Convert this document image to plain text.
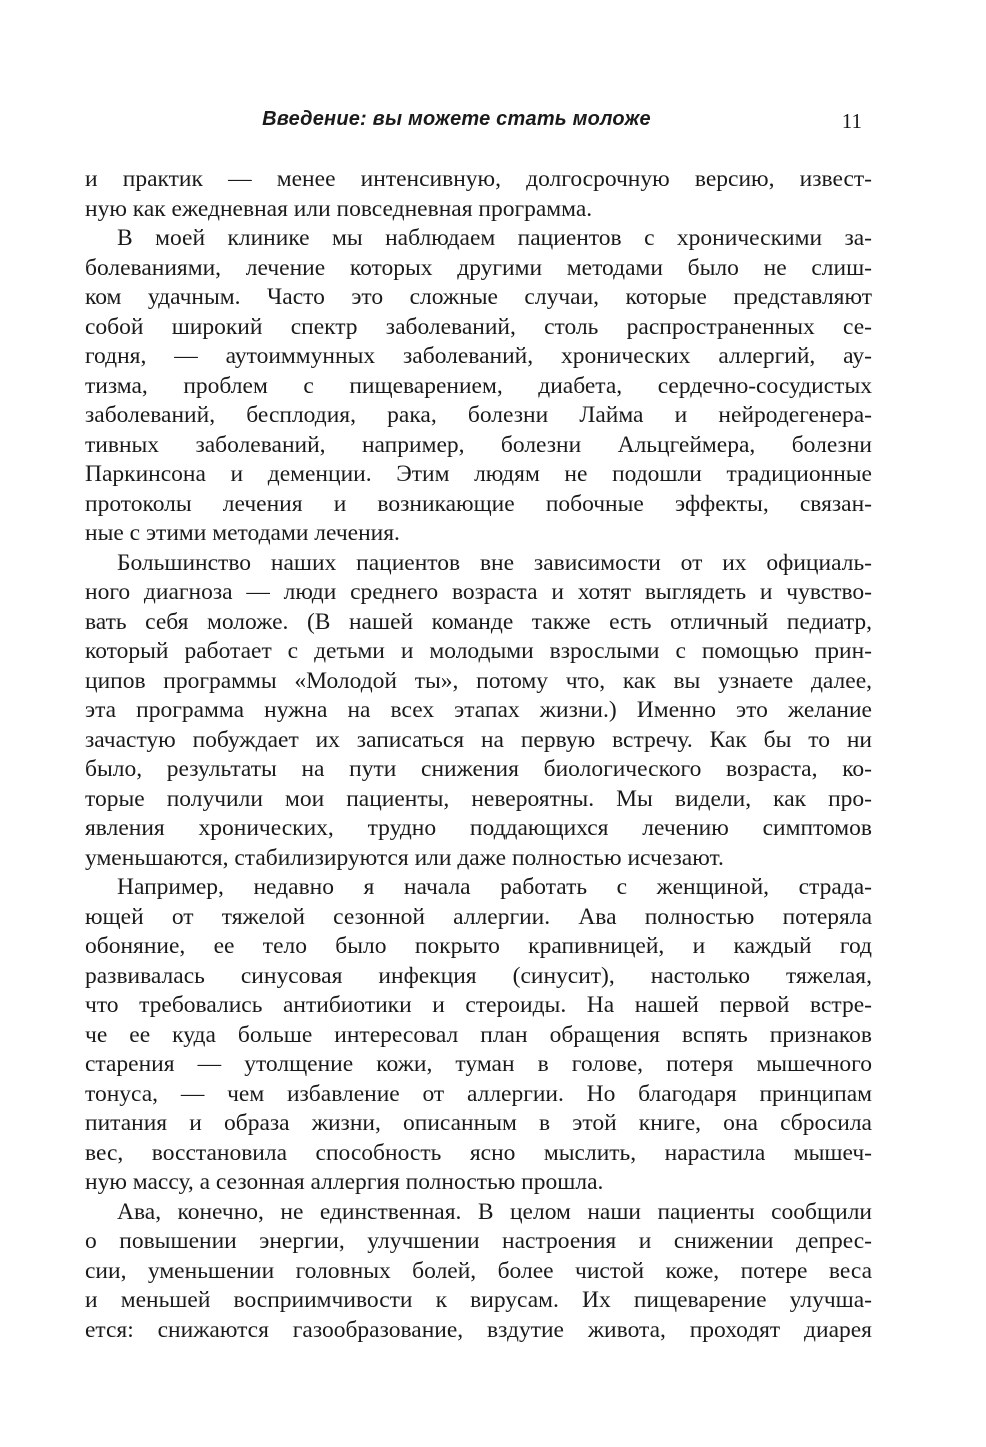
Введение: вы можете стать моложе	11
и практик — менее интенсивную, долгосрочную версию, извест-
ную как ежедневная или повседневная программа.
В моей клинике мы наблюдаем пациентов с хроническими за-
болеваниями, лечение которых другими методами было не слиш-
ком удачным. Часто это сложные случаи, которые представляют
собой широкий спектр заболеваний, столь распространенных се-
годня, — аутоиммунных заболеваний, хронических аллергий, ау-
тизма, проблем с пищеварением, диабета, сердечно-сосудистых
заболеваний, бесплодия, рака, болезни Лайма и нейродегенера-
тивных заболеваний, например, болезни Альцгеймера, болезни
Паркинсона и деменции. Этим людям не подошли традиционные
протоколы лечения и возникающие побочные эффекты, связан-
ные с этими методами лечения.
Большинство наших пациентов вне зависимости от их официаль-
ного диагноза — люди среднего возраста и хотят выглядеть и чувство-
вать себя моложе. (В нашей команде также есть отличный педиатр,
который работает с детьми и молодыми взрослыми с помощью прин-
ципов программы «Молодой ты», потому что, как вы узнаете далее,
эта программа нужна на всех этапах жизни.) Именно это желание
зачастую побуждает их записаться на первую встречу. Как бы то ни
было, результаты на пути снижения биологического возраста, ко-
торые получили мои пациенты, невероятны. Мы видели, как про-
явления хронических, трудно поддающихся лечению симптомов
уменьшаются, стабилизируются или даже полностью исчезают.
Например, недавно я начала работать с женщиной, страда-
ющей от тяжелой сезонной аллергии. Ава полностью потеряла
обоняние, ее тело было покрыто крапивницей, и каждый год
развивалась синусовая инфекция (синусит), настолько тяжелая,
что требовались антибиотики и стероиды. На нашей первой встре-
че ее куда больше интересовал план обращения вспять признаков
старения — утолщение кожи, туман в голове, потеря мышечного
тонуса, — чем избавление от аллергии. Но благодаря принципам
питания и образа жизни, описанным в этой книге, она сбросила
вес, восстановила способность ясно мыслить, нарастила мышеч-
ную массу, а сезонная аллергия полностью прошла.
Ава, конечно, не единственная. В целом наши пациенты сообщили
о повышении энергии, улучшении настроения и снижении депрес-
сии, уменьшении головных болей, более чистой коже, потере веса
и меньшей восприимчивости к вирусам. Их пищеварение улучша-
ется: снижаются газообразование, вздутие живота, проходят диарея
